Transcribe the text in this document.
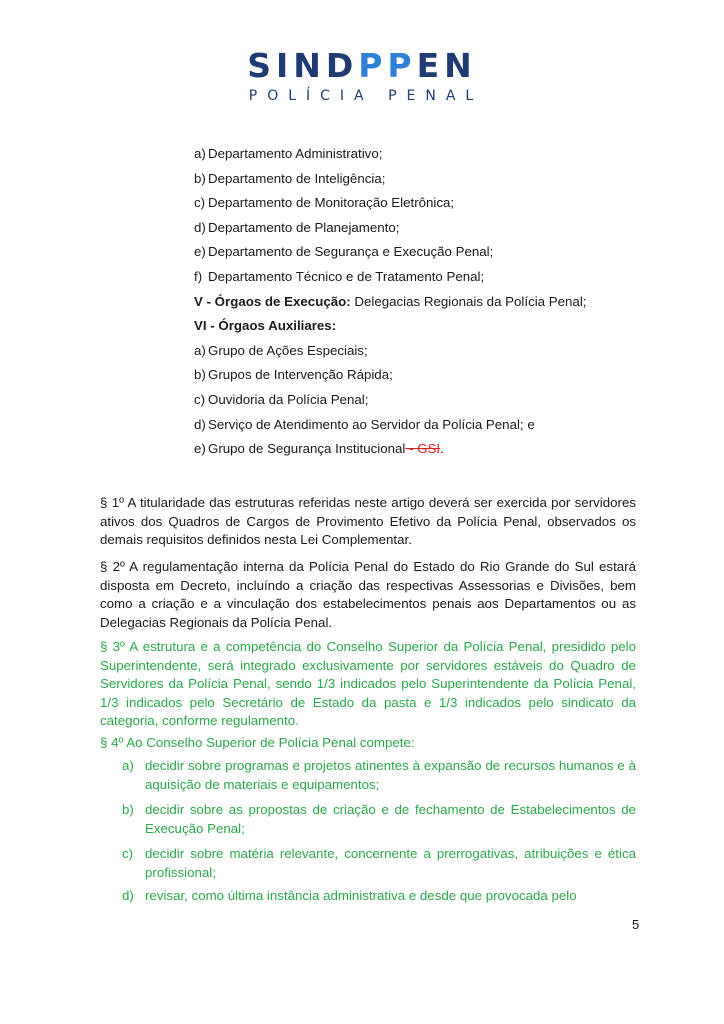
SINDPPEN
POLÍCIA PENAL
a) Departamento Administrativo;
b) Departamento de Inteligência;
c) Departamento de Monitoração Eletrônica;
d) Departamento de Planejamento;
e) Departamento de Segurança e Execução Penal;
f) Departamento Técnico e de Tratamento Penal;
V - Órgaos de Execução: Delegacias Regionais da Polícia Penal;
VI - Órgaos Auxiliares:
a) Grupo de Ações Especiais;
b) Grupos de Intervenção Rápida;
c) Ouvidoria da Polícia Penal;
d) Serviço de Atendimento ao Servidor da Polícia Penal; e
e) Grupo de Segurança Institucional - GSI.
§ 1º A titularidade das estruturas referidas neste artigo deverá ser exercida por servidores ativos dos Quadros de Cargos de Provimento Efetivo da Polícia Penal, observados os demais requisitos definidos nesta Lei Complementar.
§ 2º A regulamentação interna da Polícia Penal do Estado do Rio Grande do Sul estará disposta em Decreto, incluíndo a criação das respectivas Assessorias e Divisões, bem como a criação e a vinculação dos estabelecimentos penais aos Departamentos ou as Delegacias Regionais da Polícia Penal.
§ 3º A estrutura e a competência do Conselho Superior da Polícia Penal, presidido pelo Superintendente, será integrado exclusivamente por servidores estáveis do Quadro de Servidores da Polícia Penal, sendo 1/3 indicados pelo Superintendente da Polícia Penal, 1/3 indicados pelo Secretário de Estado da pasta e 1/3 indicados pelo sindicato da categoria, conforme regulamento.
§ 4º Ao Conselho Superior de Polícia Penal compete:
a) decidir sobre programas e projetos atinentes à expansão de recursos humanos e à aquisição de materiais e equipamentos;
b) decidir sobre as propostas de criação e de fechamento de Estabelecimentos de Execução Penal;
c) decidir sobre matéria relevante, concernente a prerrogativas, atribuições e ética profissional;
d) revisar, como última instância administrativa e desde que provocada pelo
5
